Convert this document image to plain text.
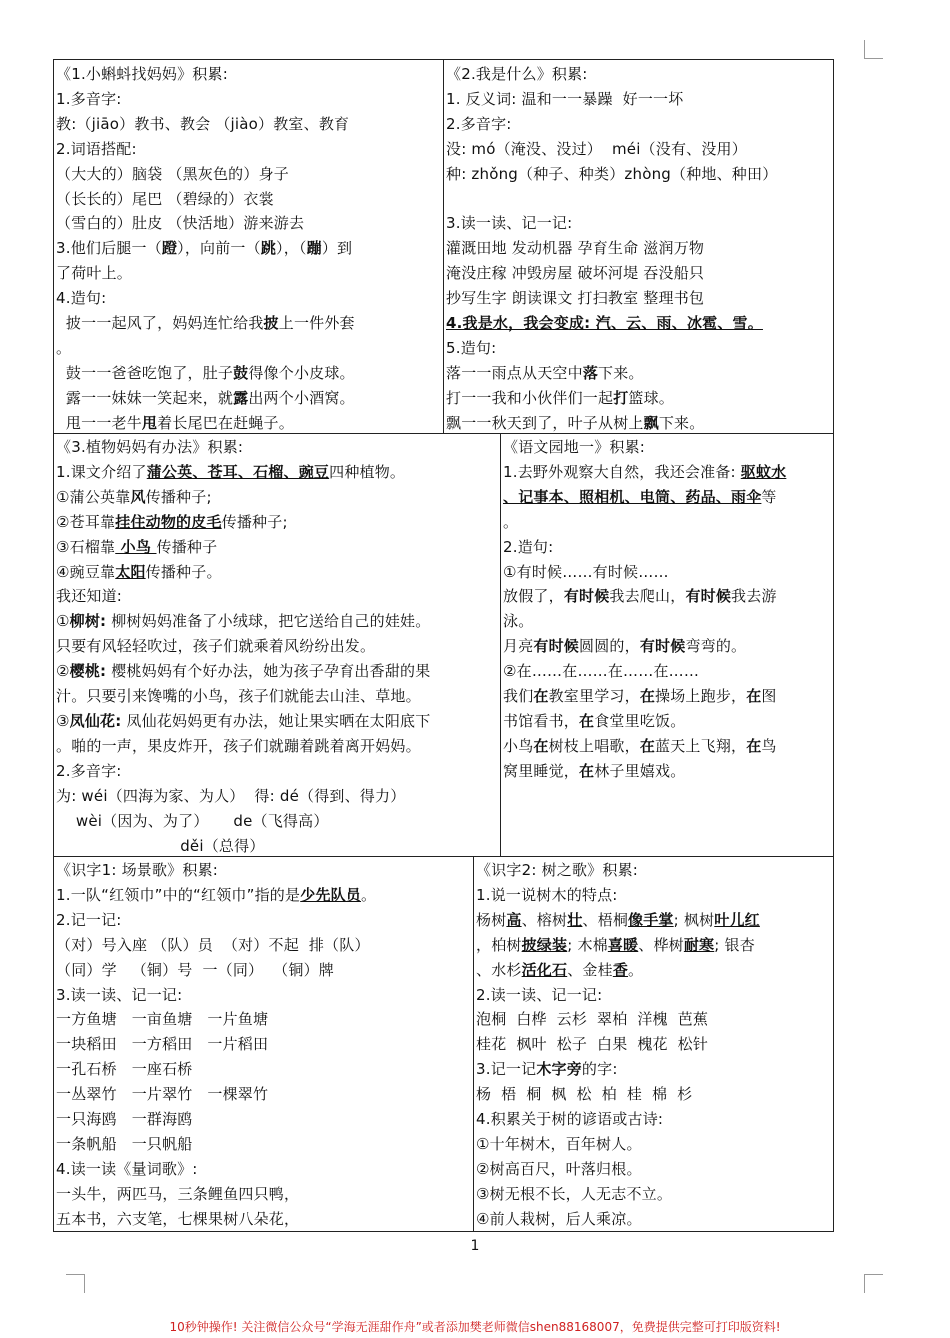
《1.小蝌蚪找妈妈》积累:
1.多音字:
教:（jiāo）教书、教会 （jiào）教室、教育
2.词语搭配:
（大大的）脑袋 （黑灰色的）身子
（长长的）尾巴 （碧绿的）衣裳
（雪白的）肚皮 （快活地）游来游去
3.他们后腿一（蹬），向前一（跳），（蹦）到
了荷叶上。
4.造句:
披一一起风了，妈妈连忙给我披上一件外套
。
鼓一一爸爸吃饱了，肚子鼓得像个小皮球。
露一一妹妹一笑起来，就露出两个小酒窝。
甩一一老牛甩着长尾巴在赶蝇子。
《2.我是什么》积累:
1. 反义词: 温和一一暴躁  好一一坏
2.多音字:
没: mó（淹没、没过）  méi（没有、没用）
种: zhǒng（种子、种类）zhòng（种地、种田）

3.读一读、记一记:
灌溉田地 发动机器 孕育生命 滋润万物
淹没庄稼 冲毁房屋 破坏河堤 吞没船只
抄写生字 朗读课文 打扫教室 整理书包
4.我是水，我会变成: 汽、云、雨、冰雹、雪。
5.造句:
落一一雨点从天空中落下来。
打一一我和小伙伴们一起打篮球。
飘一一秋天到了，叶子从树上飘下来。
《3.植物妈妈有办法》积累:
1.课文介绍了蒲公英、苍耳、石榴、豌豆四种植物。
①蒲公英靠风传播种子;
②苍耳靠挂住动物的皮毛传播种子;
③石榴靠 小鸟 传播种子
④豌豆靠太阳传播种子。
我还知道:
①柳树: 柳树妈妈准备了小绒球，把它送给自己的娃娃。
只要有风轻轻吹过，孩子们就乘着风纷纷出发。
②樱桃: 樱桃妈妈有个好办法，她为孩子孕育出香甜的果
汁。只要引来馋嘴的小鸟，孩子们就能去山洼、草地。
③凤仙花: 凤仙花妈妈更有办法，她让果实晒在太阳底下
。啪的一声，果皮炸开，孩子们就蹦着跳着离开妈妈。
2.多音字:
为: wéi（四海为家、为人）  得: dé（得到、得力）
wèi（因为、为了）     de（飞得高）
děi（总得）
《语文园地一》积累:
1.去野外观察大自然，我还会准备: 驱蚊水
、记事本、照相机、电筒、药品、雨伞等
。
2.造句:
①有时候……有时候……
放假了，有时候我去爬山，有时候我去游
泳。
月亮有时候圆圆的，有时候弯弯的。
②在……在……在……在……
我们在教室里学习，在操场上跑步，在图
书馆看书，在食堂里吃饭。
小鸟在树枝上唱歌，在蓝天上飞翔，在鸟
窝里睡觉，在林子里嬉戏。
《识字1: 场景歌》积累:
1.一队“红领巾”中的“红领巾”指的是少先队员。
2.记一记:
（对）号入座 （队）员  （对）不起  排（队）
（同）学   （铜）号  一（同）  （铜）牌
3.读一读、记一记:
一方鱼塘   一亩鱼塘   一片鱼塘
一块稻田   一方稻田   一片稻田
一孔石桥   一座石桥
一丛翠竹   一片翠竹   一棵翠竹
一只海鸥   一群海鸥
一条帆船   一只帆船
4.读一读《量词歌》:
一头牛，两匹马，三条鲤鱼四只鸭，
五本书，六支笔，七棵果树八朵花，
《识字2: 树之歌》积累:
1.说一说树木的特点:
杨树高、榕树壮、梧桐像手掌; 枫树叶儿红
，柏树披绿装; 木棉喜暖、桦树耐寒; 银杏
、水杉活化石、金桂香。
2.读一读、记一记:
泡桐  白桦  云杉  翠柏  洋槐  芭蕉
桂花  枫叶  松子  白果  槐花  松针
3.记一记木字旁的字:
杨  梧  桐  枫  松  柏  桂  棉  杉
4.积累关于树的谚语或古诗:
①十年树木，百年树人。
②树高百尺，叶落归根。
③树无根不长，人无志不立。
④前人栽树，后人乘凉。
1
10秒钟操作! 关注微信公众号“学海无涯甜作舟”或者添加樊老师微信shen88168007，免费提供完整可打印版资料!
